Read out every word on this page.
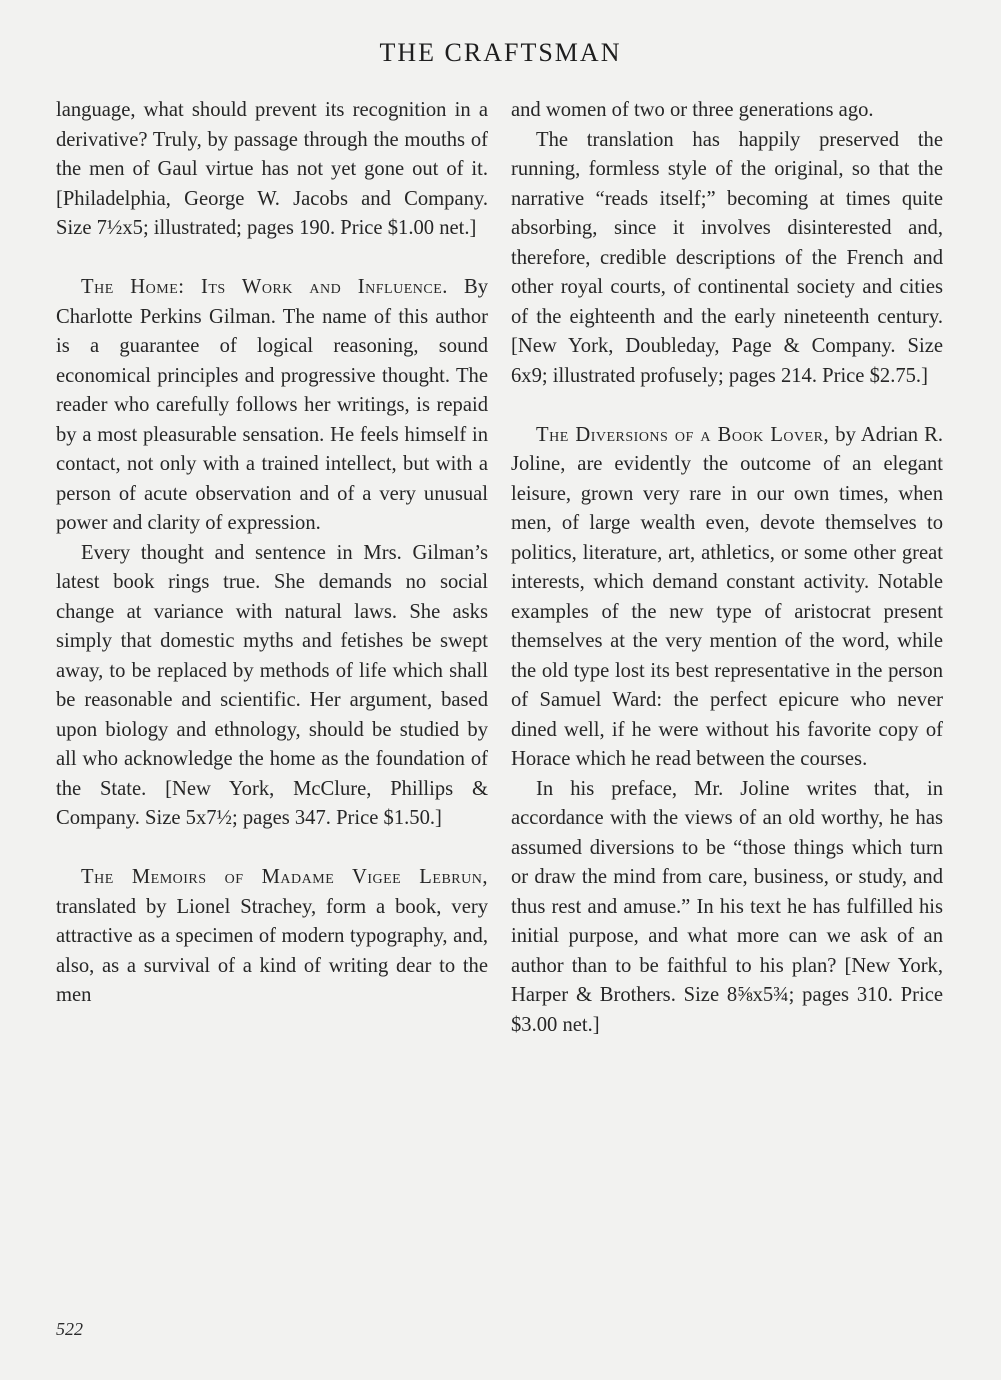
THE CRAFTSMAN

language, what should prevent its recognition in a derivative? Truly, by passage through the mouths of the men of Gaul virtue has not yet gone out of it. [Philadelphia, George W. Jacobs and Company. Size 7½x5; illustrated; pages 190. Price $1.00 net.]

The Home: Its Work and Influence. By Charlotte Perkins Gilman. The name of this author is a guarantee of logical reasoning, sound economical principles and progressive thought. The reader who carefully follows her writings, is repaid by a most pleasurable sensation. He feels himself in contact, not only with a trained intellect, but with a person of acute observation and of a very unusual power and clarity of expression.

Every thought and sentence in Mrs. Gilman’s latest book rings true. She demands no social change at variance with natural laws. She asks simply that domestic myths and fetishes be swept away, to be replaced by methods of life which shall be reasonable and scientific. Her argument, based upon biology and ethnology, should be studied by all who acknowledge the home as the foundation of the State. [New York, McClure, Phillips & Company. Size 5x7½; pages 347. Price $1.50.]

The Memoirs of Madame Vigee Lebrun, translated by Lionel Strachey, form a book, very attractive as a specimen of modern typography, and, also, as a survival of a kind of writing dear to the men

and women of two or three generations ago.

The translation has happily preserved the running, formless style of the original, so that the narrative “reads itself;” becoming at times quite absorbing, since it involves disinterested and, therefore, credible descriptions of the French and other royal courts, of continental society and cities of the eighteenth and the early nineteenth century. [New York, Doubleday, Page & Company. Size 6x9; illustrated profusely; pages 214. Price $2.75.]

The Diversions of a Book Lover, by Adrian R. Joline, are evidently the outcome of an elegant leisure, grown very rare in our own times, when men, of large wealth even, devote themselves to politics, literature, art, athletics, or some other great interests, which demand constant activity. Notable examples of the new type of aristocrat present themselves at the very mention of the word, while the old type lost its best representative in the person of Samuel Ward: the perfect epicure who never dined well, if he were without his favorite copy of Horace which he read between the courses.

In his preface, Mr. Joline writes that, in accordance with the views of an old worthy, he has assumed diversions to be “those things which turn or draw the mind from care, business, or study, and thus rest and amuse.” In his text he has fulfilled his initial purpose, and what more can we ask of an author than to be faithful to his plan? [New York, Harper & Brothers. Size 8⅝x5¾; pages 310. Price $3.00 net.]

522
